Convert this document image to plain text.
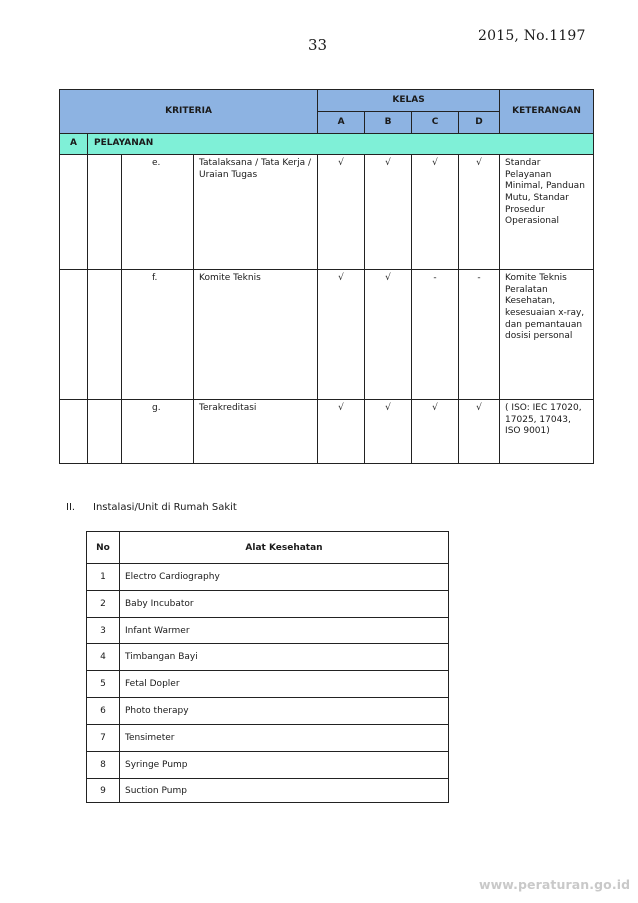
33	2015, No.1197
KRITERIA				KELAS				KETERANGAN
				A	B	C	D	
A	PELAYANAN							
		e.	Tatalaksana / Tata Kerja / Uraian Tugas	√	√	√	√	Standar Pelayanan Minimal, Panduan Mutu, Standar Prosedur Operasional
		f.	Komite Teknis	√	√	-	-	Komite Teknis Peralatan Kesehatan, kesesuaian x-ray, dan pemantauan dosisi personal
		g.	Terakreditasi	√	√	√	√	( ISO: IEC 17020, 17025, 17043, ISO 9001)
II. Instalasi/Unit di Rumah Sakit
No	Alat Kesehatan
1	Electro Cardiography
2	Baby Incubator
3	Infant Warmer
4	Timbangan Bayi
5	Fetal Dopler
6	Photo therapy
7	Tensimeter
8	Syringe Pump
9	Suction Pump
www.peraturan.go.id
